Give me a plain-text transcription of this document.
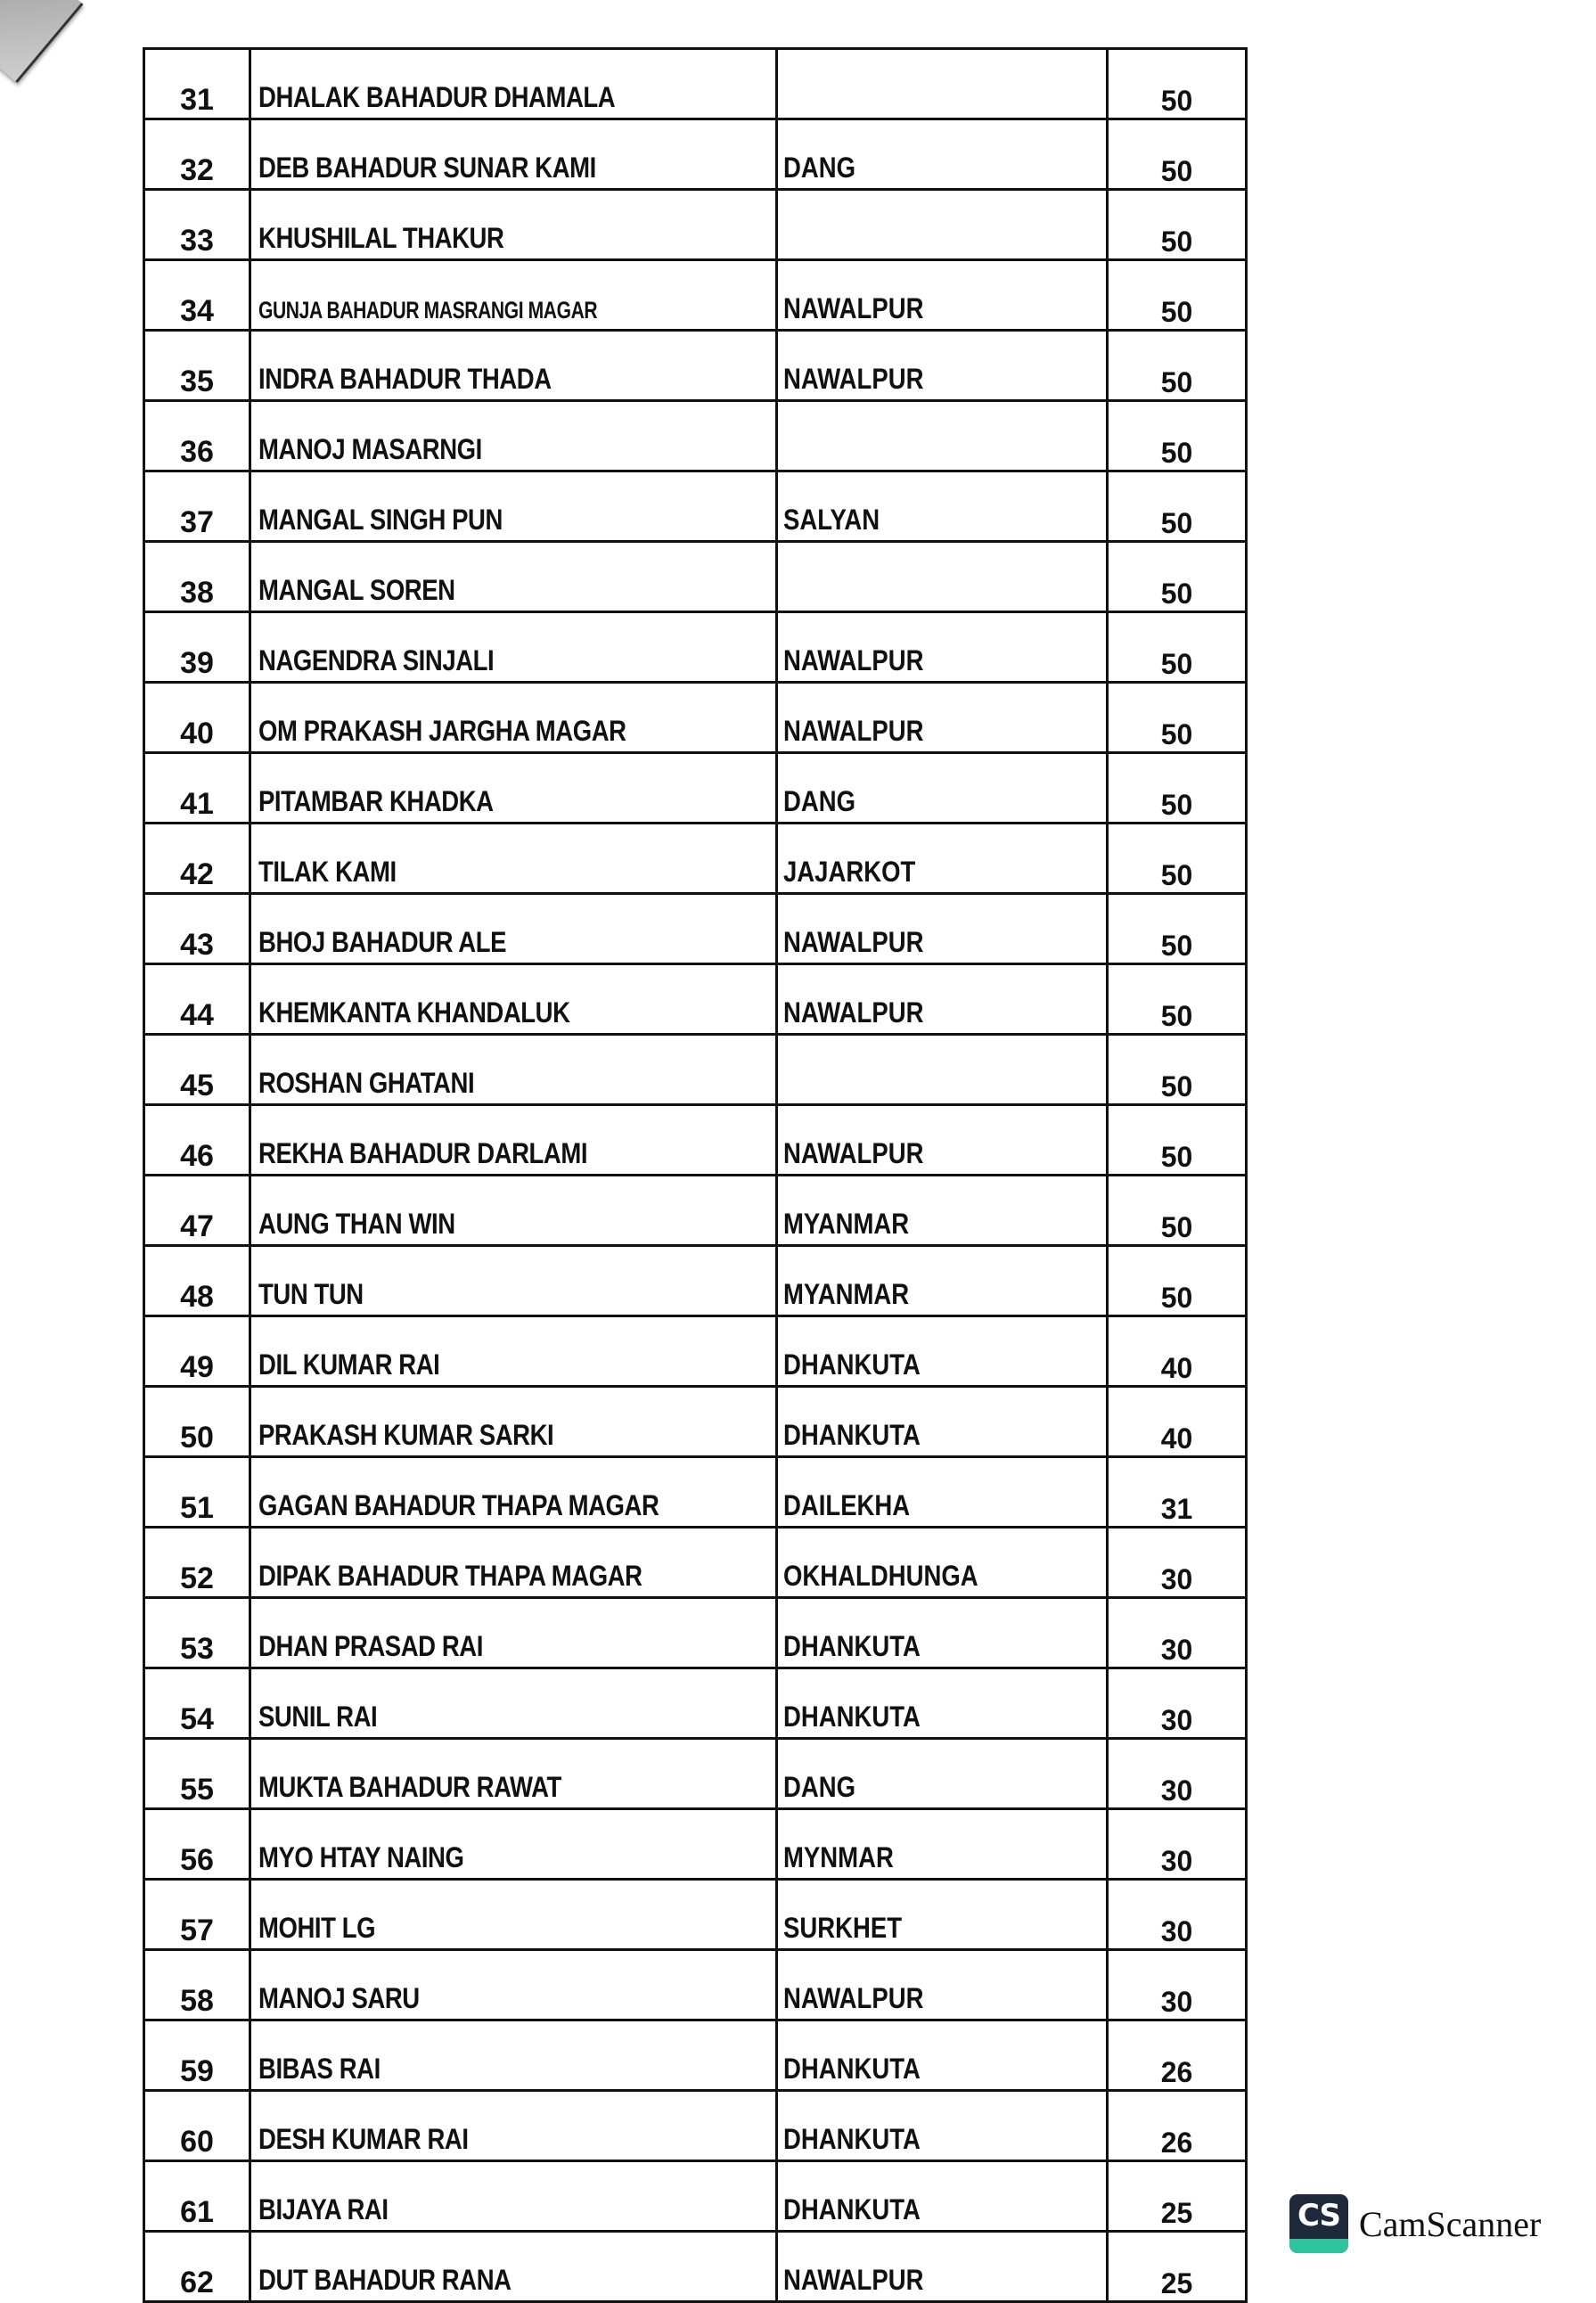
31	DHALAK BAHADUR DHAMALA		50
32	DEB BAHADUR SUNAR KAMI	DANG	50
33	KHUSHILAL THAKUR		50
34	GUNJA BAHADUR MASRANGI MAGAR	NAWALPUR	50
35	INDRA BAHADUR THADA	NAWALPUR	50
36	MANOJ MASARNGI		50
37	MANGAL SINGH PUN	SALYAN	50
38	MANGAL SOREN		50
39	NAGENDRA SINJALI	NAWALPUR	50
40	OM PRAKASH JARGHA MAGAR	NAWALPUR	50
41	PITAMBAR KHADKA	DANG	50
42	TILAK KAMI	JAJARKOT	50
43	BHOJ BAHADUR ALE	NAWALPUR	50
44	KHEMKANTA KHANDALUK	NAWALPUR	50
45	ROSHAN GHATANI		50
46	REKHA BAHADUR DARLAMI	NAWALPUR	50
47	AUNG THAN WIN	MYANMAR	50
48	TUN TUN	MYANMAR	50
49	DIL KUMAR RAI	DHANKUTA	40
50	PRAKASH KUMAR SARKI	DHANKUTA	40
51	GAGAN BAHADUR THAPA MAGAR	DAILEKHA	31
52	DIPAK BAHADUR THAPA MAGAR	OKHALDHUNGA	30
53	DHAN PRASAD RAI	DHANKUTA	30
54	SUNIL RAI	DHANKUTA	30
55	MUKTA BAHADUR RAWAT	DANG	30
56	MYO HTAY NAING	MYNMAR	30
57	MOHIT LG	SURKHET	30
58	MANOJ SARU	NAWALPUR	30
59	BIBAS RAI	DHANKUTA	26
60	DESH KUMAR RAI	DHANKUTA	26
61	BIJAYA RAI	DHANKUTA	25
62	DUT BAHADUR RANA	NAWALPUR	25
CS CamScanner
